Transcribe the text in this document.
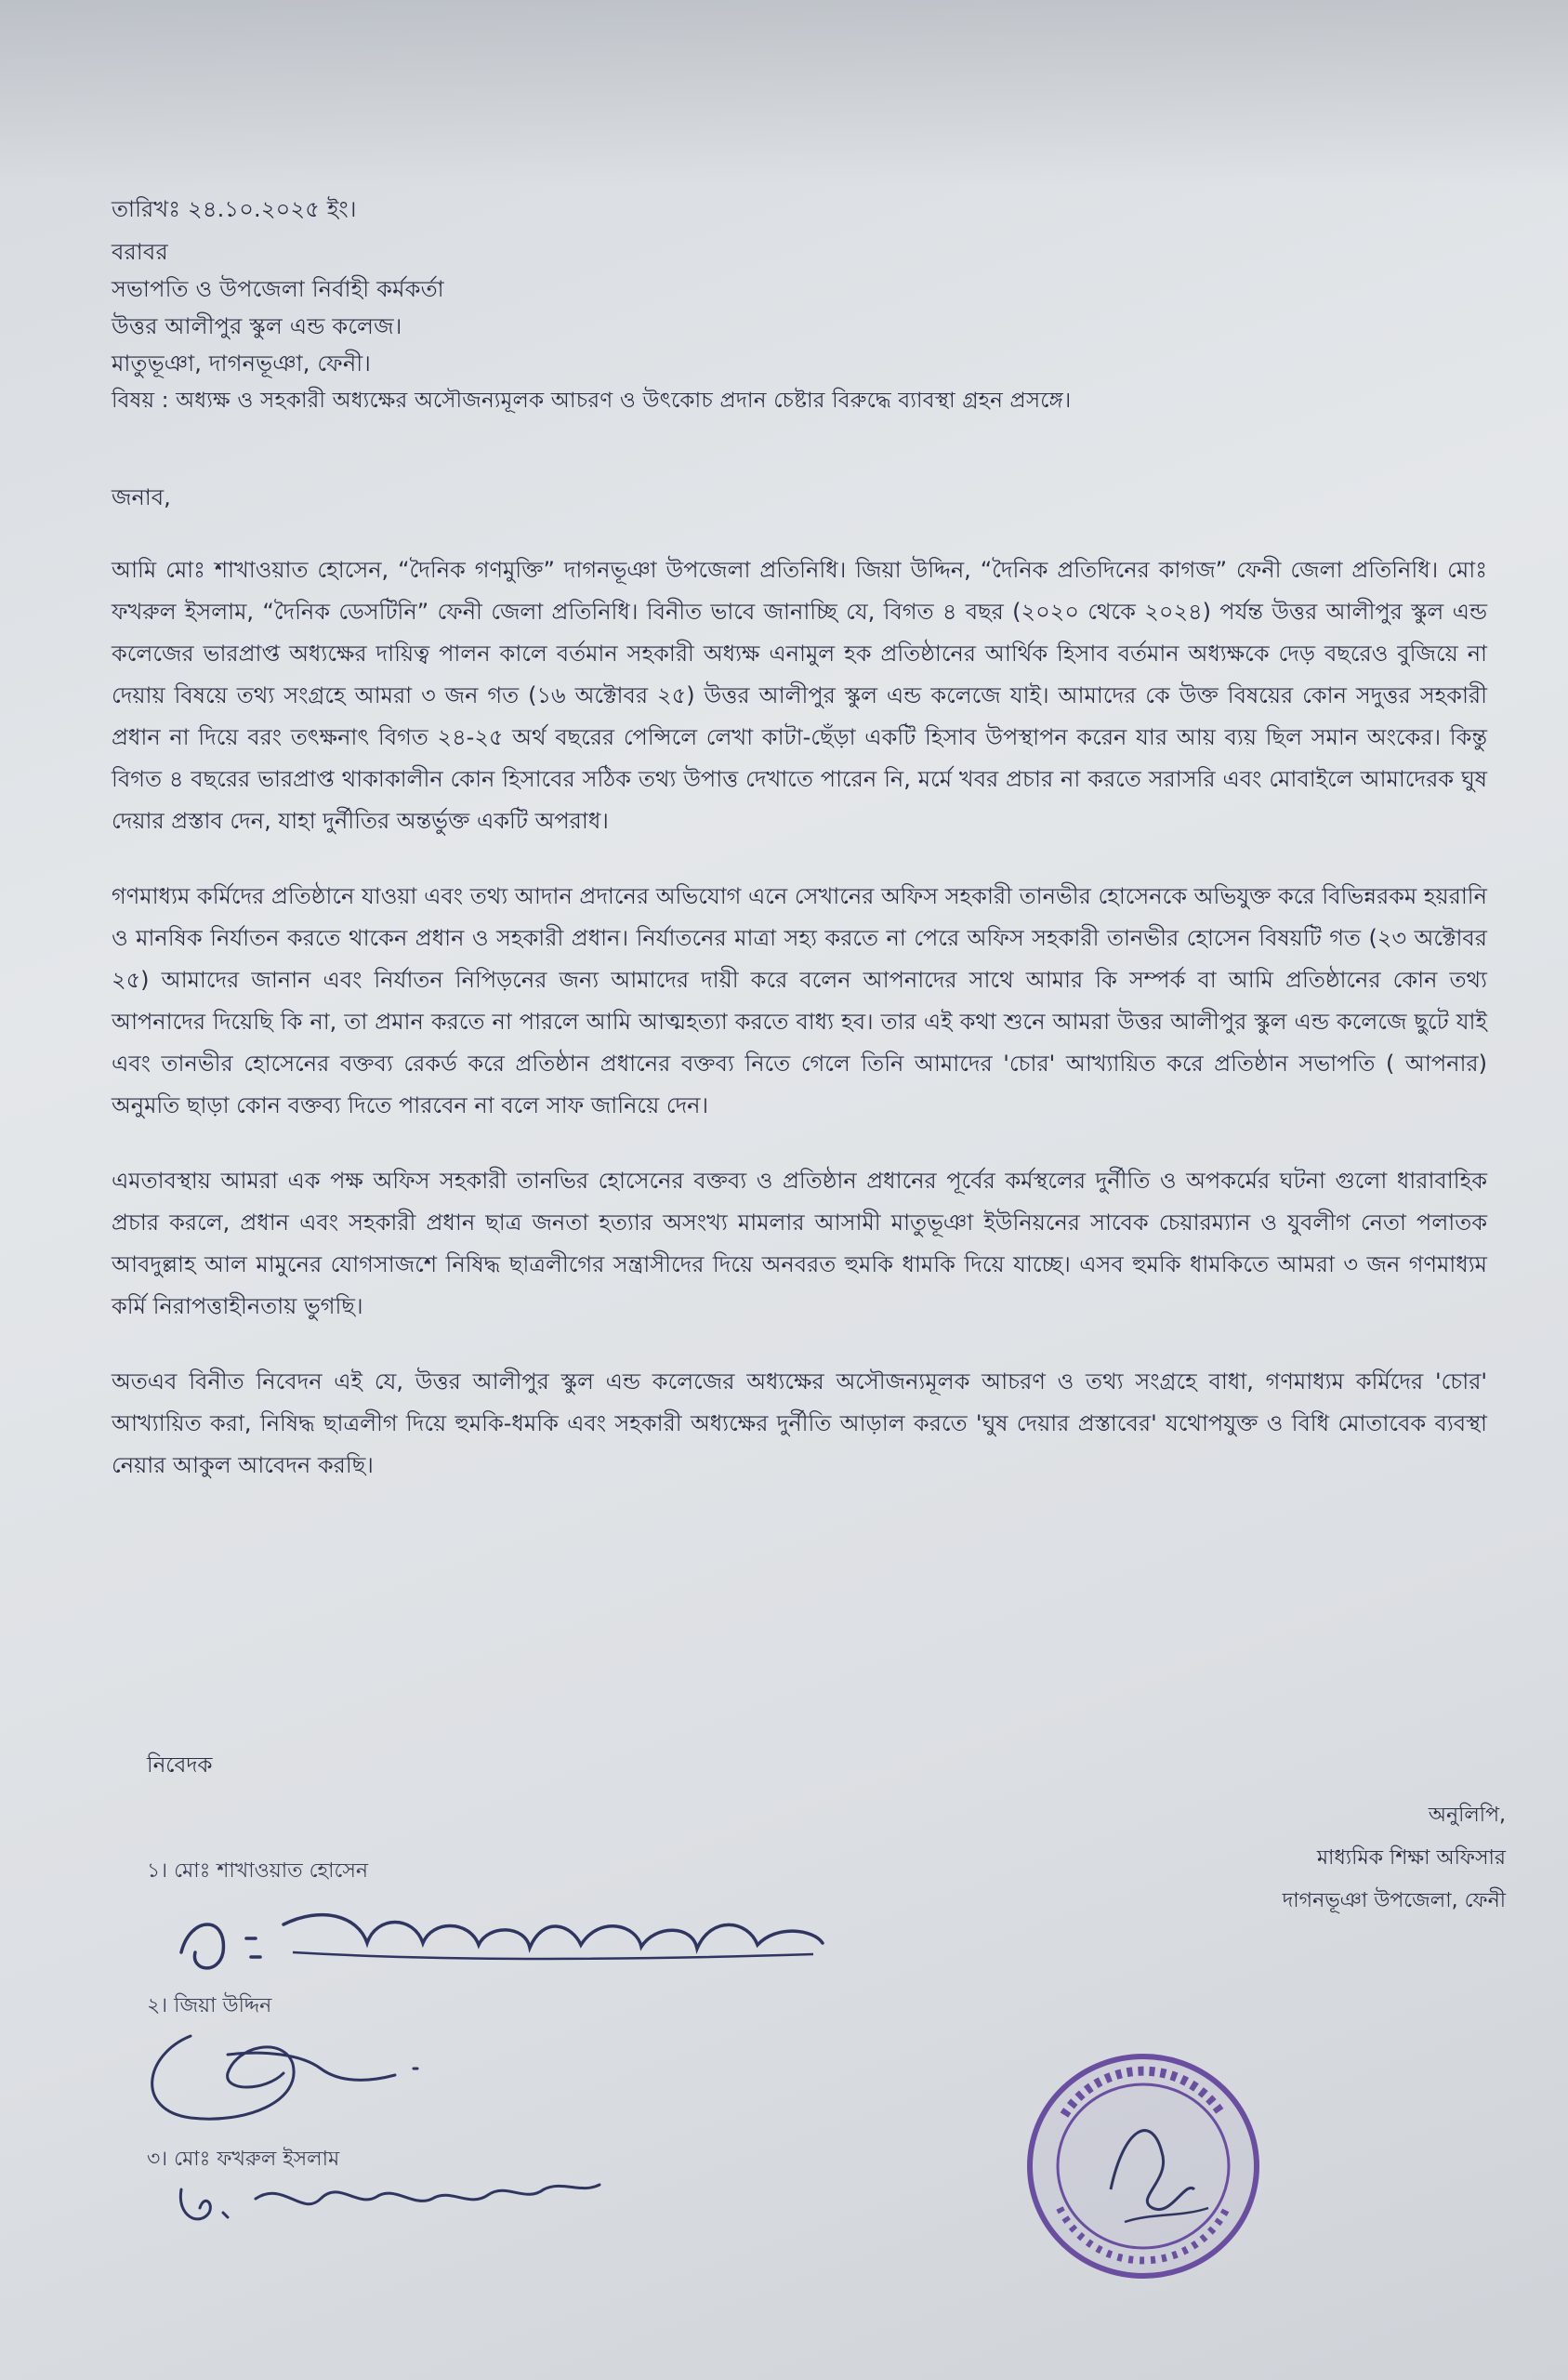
তারিখঃ ২৪.১০.২০২৫ ইং।
বরাবর
সভাপতি ও উপজেলা নির্বাহী কর্মকর্তা
উত্তর আলীপুর স্কুল এন্ড কলেজ।
মাতুভূঞা, দাগনভূঞা, ফেনী।
বিষয় : অধ্যক্ষ ও সহকারী অধ্যক্ষের অসৌজন্যমূলক আচরণ ও উৎকোচ প্রদান চেষ্টার বিরুদ্ধে ব্যাবস্থা গ্রহন প্রসঙ্গে।
জনাব,

আমি মোঃ শাখাওয়াত হোসেন, “দৈনিক গণমুক্তি” দাগনভূঞা উপজেলা প্রতিনিধি। জিয়া উদ্দিন, “দৈনিক প্রতিদিনের কাগজ” ফেনী জেলা প্রতিনিধি। মোঃ ফখরুল ইসলাম, “দৈনিক ডেসটিনি” ফেনী জেলা প্রতিনিধি। বিনীত ভাবে জানাচ্ছি যে, বিগত ৪ বছর (২০২০ থেকে ২০২৪) পর্যন্ত উত্তর আলীপুর স্কুল এন্ড কলেজের ভারপ্রাপ্ত অধ্যক্ষের দায়িত্ব পালন কালে বর্তমান সহকারী অধ্যক্ষ এনামুল হক প্রতিষ্ঠানের আর্থিক হিসাব বর্তমান অধ্যক্ষকে দেড় বছরেও বুজিয়ে না দেয়ায় বিষয়ে তথ্য সংগ্রহে আমরা ৩ জন গত (১৬ অক্টোবর ২৫) উত্তর আলীপুর স্কুল এন্ড কলেজে যাই। আমাদের কে উক্ত বিষয়ের কোন সদুত্তর সহকারী প্রধান না দিয়ে বরং তৎক্ষনাৎ বিগত ২৪-২৫ অর্থ বছরের পেন্সিলে লেখা কাটা-ছেঁড়া একটি হিসাব উপস্থাপন করেন যার আয় ব্যয় ছিল সমান অংকের। কিন্তু বিগত ৪ বছরের ভারপ্রাপ্ত থাকাকালীন কোন হিসাবের সঠিক তথ্য উপাত্ত দেখাতে পারেন নি, মর্মে খবর প্রচার না করতে সরাসরি এবং মোবাইলে আমাদেরক ঘুষ দেয়ার প্রস্তাব দেন, যাহা দুর্নীতির অন্তর্ভুক্ত একটি অপরাধ।

গণমাধ্যম কর্মিদের প্রতিষ্ঠানে যাওয়া এবং তথ্য আদান প্রদানের অভিযোগ এনে সেখানের অফিস সহকারী তানভীর হোসেনকে অভিযুক্ত করে বিভিন্নরকম হয়রানি ও মানষিক নির্যাতন করতে থাকেন প্রধান ও সহকারী প্রধান। নির্যাতনের মাত্রা সহ্য করতে না পেরে অফিস সহকারী তানভীর হোসেন বিষয়টি গত (২৩ অক্টোবর ২৫) আমাদের জানান এবং নির্যাতন নিপিড়নের জন্য আমাদের দায়ী করে বলেন আপনাদের সাথে আমার কি সম্পর্ক বা আমি প্রতিষ্ঠানের কোন তথ্য আপনাদের দিয়েছি কি না, তা প্রমান করতে না পারলে আমি আত্মহত্যা করতে বাধ্য হব। তার এই কথা শুনে আমরা উত্তর আলীপুর স্কুল এন্ড কলেজে ছুটে যাই এবং তানভীর হোসেনের বক্তব্য রেকর্ড করে প্রতিষ্ঠান প্রধানের বক্তব্য নিতে গেলে তিনি আমাদের 'চোর' আখ্যায়িত করে প্রতিষ্ঠান সভাপতি ( আপনার) অনুমতি ছাড়া কোন বক্তব্য দিতে পারবেন না বলে সাফ জানিয়ে দেন।

এমতাবস্থায় আমরা এক পক্ষ অফিস সহকারী তানভির হোসেনের বক্তব্য ও প্রতিষ্ঠান প্রধানের পূর্বের কর্মস্থলের দুর্নীতি ও অপকর্মের ঘটনা গুলো ধারাবাহিক প্রচার করলে, প্রধান এবং সহকারী প্রধান ছাত্র জনতা হত্যার অসংখ্য মামলার আসামী মাতুভূঞা ইউনিয়নের সাবেক চেয়ারম্যান ও যুবলীগ নেতা পলাতক আবদুল্লাহ আল মামুনের যোগসাজশে নিষিদ্ধ ছাত্রলীগের সন্ত্রাসীদের দিয়ে অনবরত হুমকি ধামকি দিয়ে যাচ্ছে। এসব হুমকি ধামকিতে আমরা ৩ জন গণমাধ্যম কর্মি নিরাপত্তাহীনতায় ভুগছি।

অতএব বিনীত নিবেদন এই যে, উত্তর আলীপুর স্কুল এন্ড কলেজের অধ্যক্ষের অসৌজন্যমূলক আচরণ ও তথ্য সংগ্রহে বাধা, গণমাধ্যম কর্মিদের 'চোর' আখ্যায়িত করা, নিষিদ্ধ ছাত্রলীগ দিয়ে হুমকি-ধমকি এবং সহকারী অধ্যক্ষের দুর্নীতি আড়াল করতে 'ঘুষ দেয়ার প্রস্তাবের' যথোপযুক্ত ও বিধি মোতাবেক ব্যবস্থা নেয়ার আকুল আবেদন করছি।

নিবেদক
১। মোঃ শাখাওয়াত হোসেন
২। জিয়া উদ্দিন
৩। মোঃ ফখরুল ইসলাম
অনুলিপি,
মাধ্যমিক শিক্ষা অফিসার
দাগনভূঞা উপজেলা, ফেনী
